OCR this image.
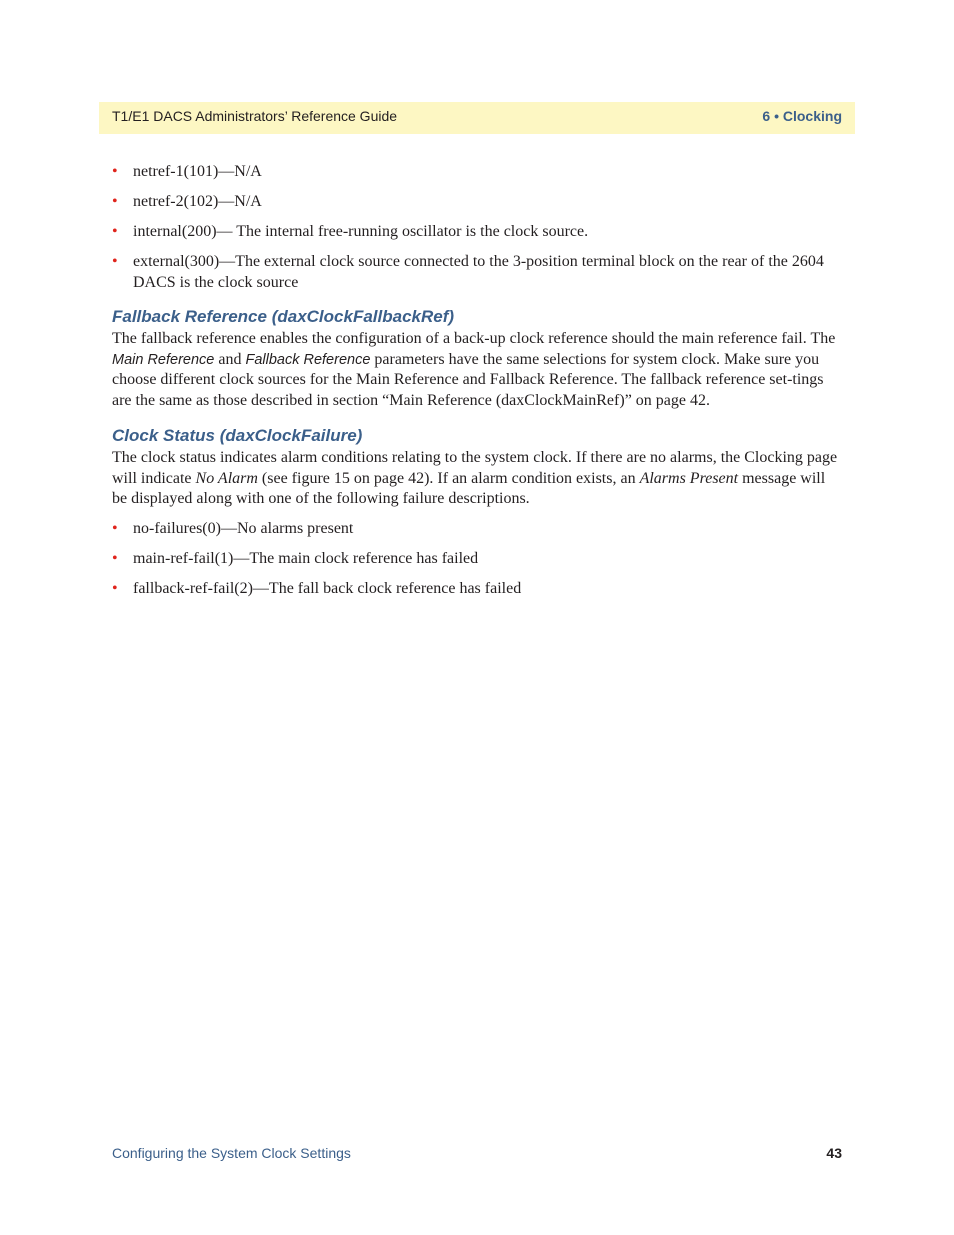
T1/E1 DACS Administrators’ Reference Guide	6 • Clocking
• netref-1(101)—N/A
• netref-2(102)—N/A
• internal(200)— The internal free-running oscillator is the clock source.
• external(300)—The external clock source connected to the 3-position terminal block on the rear of the 2604 DACS is the clock source
Fallback Reference (daxClockFallbackRef)

The fallback reference enables the configuration of a back-up clock reference should the main reference fail. The Main Reference and Fallback Reference parameters have the same selections for system clock. Make sure you choose different clock sources for the Main Reference and Fallback Reference. The fallback reference set-tings are the same as those described in section “Main Reference (daxClockMainRef)” on page 42.

Clock Status (daxClockFailure)

The clock status indicates alarm conditions relating to the system clock. If there are no alarms, the Clocking page will indicate No Alarm (see figure 15 on page 42). If an alarm condition exists, an Alarms Present message will be displayed along with one of the following failure descriptions.

• no-failures(0)—No alarms present
• main-ref-fail(1)—The main clock reference has failed
• fallback-ref-fail(2)—The fall back clock reference has failed
Configuring the System Clock Settings	43
